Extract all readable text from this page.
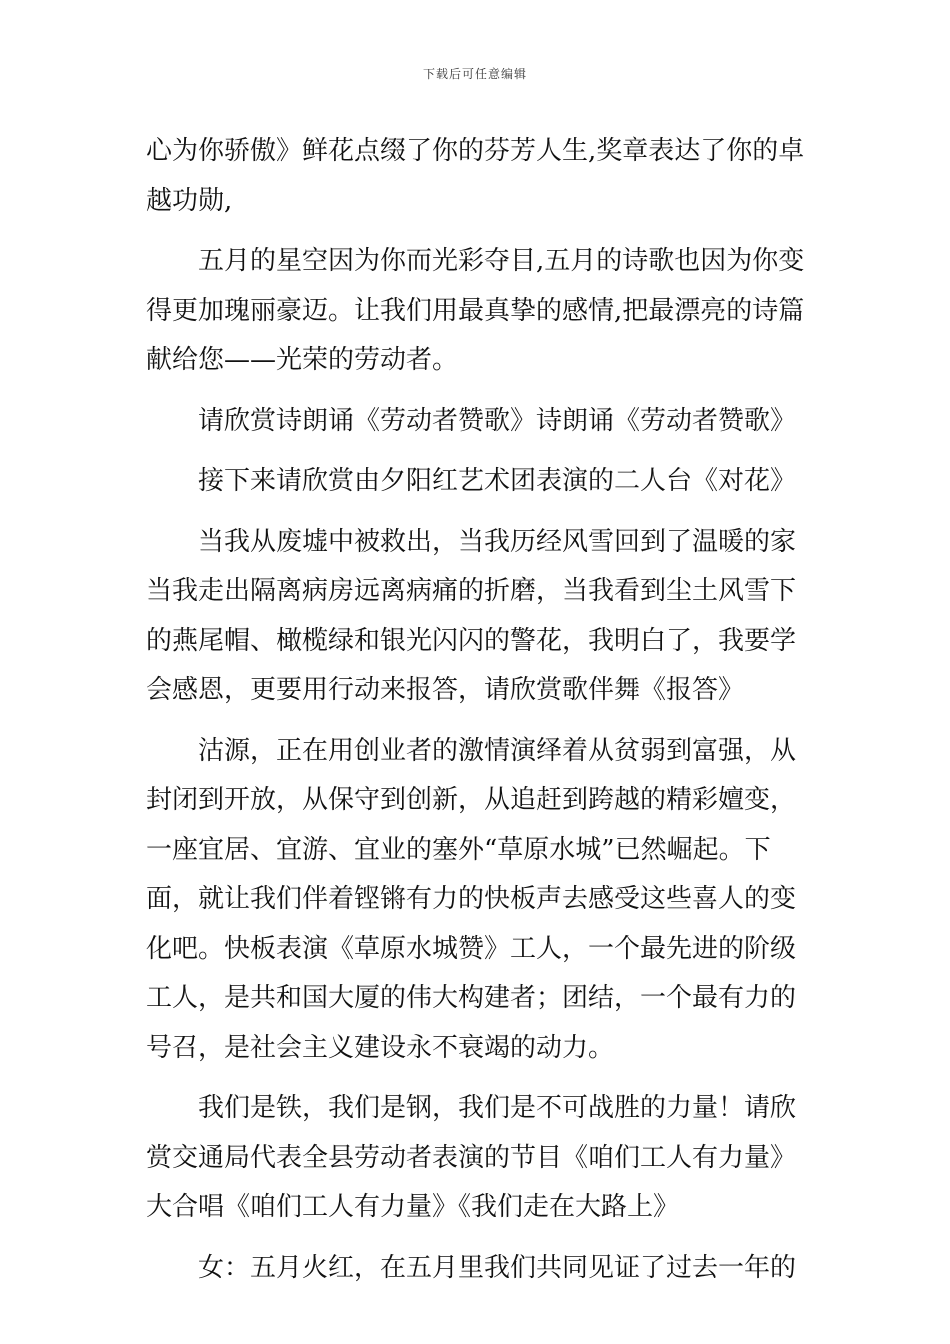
下载后可任意编辑

心为你骄傲》鲜花点缀了你的芬芳人生,奖章表达了你的卓
越功勋,

五月的星空因为你而光彩夺目,五月的诗歌也因为你变
得更加瑰丽豪迈。让我们用最真挚的感情,把最漂亮的诗篇
献给您——光荣的劳动者。

请欣赏诗朗诵《劳动者赞歌》诗朗诵《劳动者赞歌》

接下来请欣赏由夕阳红艺术团表演的二人台《对花》

当我从废墟中被救出，当我历经风雪回到了温暖的家
当我走出隔离病房远离病痛的折磨，当我看到尘土风雪下
的燕尾帽、橄榄绿和银光闪闪的警花，我明白了，我要学
会感恩，更要用行动来报答，请欣赏歌伴舞《报答》

沽源，正在用创业者的激情演绎着从贫弱到富强，从
封闭到开放，从保守到创新，从追赶到跨越的精彩嬗变，
一座宜居、宜游、宜业的塞外“草原水城”已然崛起。下
面，就让我们伴着铿锵有力的快板声去感受这些喜人的变
化吧。快板表演《草原水城赞》工人，一个最先进的阶级
工人，是共和国大厦的伟大构建者；团结，一个最有力的
号召，是社会主义建设永不衰竭的动力。

我们是铁，我们是钢，我们是不可战胜的力量！请欣
赏交通局代表全县劳动者表演的节目《咱们工人有力量》
大合唱《咱们工人有力量》《我们走在大路上》

女：五月火红，在五月里我们共同见证了过去一年的
